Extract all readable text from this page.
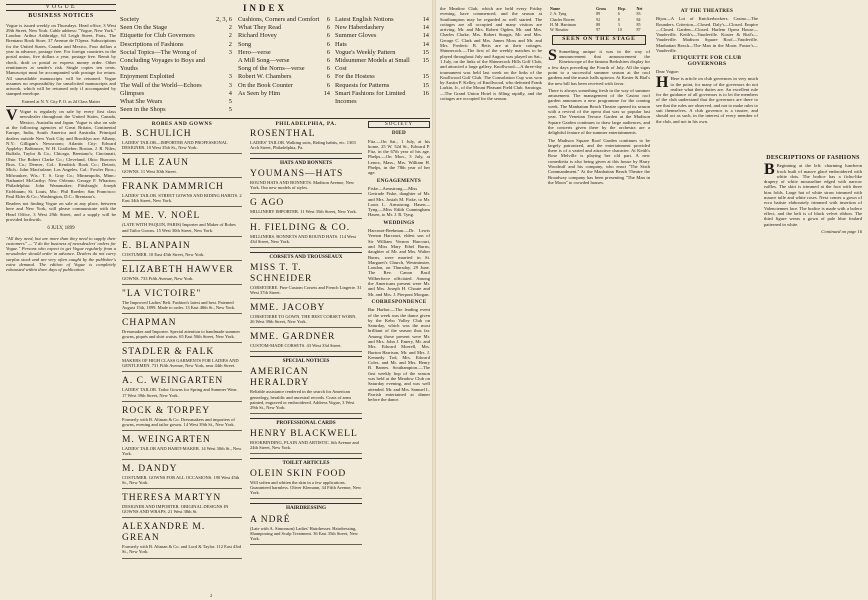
VOGUE
BUSINESS NOTICES

Vogue is issued weekly on Thursdays. Head office, 3 West 29th Street, New York. Cable address: "Vogue, New York." London: Arthur Ashbridge, 64 Leigh Street, Paris, The Brentano Book Store, 37 Avenue de l'Opera. Subscriptions for the United States, Canada and Mexico, Four dollars a year in advance, postage free. For foreign countries in the postal union, five dollars a year, postage free. Remit by check, draft or postal or express money order. Other remittances at sender's risk. Single copies ten cents. Manuscript must be accompanied with postage for return. All unavailable manuscripts will be returned. Vogue assumes no responsibility for unsolicited manuscripts and artwork, which will be returned only if accompanied by stamped envelope.

Entered at N. Y. City P. O. as 2d Class Matter

V Vogue is regularly on sale by every first class newsdealer throughout the United States, Canada, Mexico, Australia and Japan. Vogue is also on sale at the following agencies of Great Britain, Continental Europe, India, South America and Australia. Principal dealers outside New York City and Brooklyn are: Albany, N.Y.: Gilligan's Newsroom; Atlantic City: Edward Appleby; Baltimore, W. H. Gottlieber; Boston, J. R. Niles; Buffalo, Taylor & Co.; Chicago, Brentano's; Cincinnati, Ohio: The Robert Clarke Co.; Cleveland, Ohio: Burrows Bros. Co.; Denver, Col.: Kendrick Book Co.; Detroit, Mich.: John Macfarlane; Los Angeles, Cal.: Fowler Bros.; Milwaukee, Wis.: T. S. Gray Co.; Minneapolis, Minn.: Nathaniel McCarthy; New Orleans: George F. Wharton; Philadelphia: John Wanamaker; Pittsburgh: Joseph Eichbaum; St. Louis, Mo.: Phil Roeder; San Francisco: Paul Elder & Co.; Washington, D.C.: Brentano's.

Readers not finding Vogue on sale at any place, between here and New York, will please communicate with the Head Office, 3 West 29th Street, and a supply will be provided forthwith.

6 JULY, 1899

"All they need, but are more than they need to supply their customers" — "I do the business of newsdealers' orders for Vogue." Persons who expect to get Vogue regularly from a newsdealer should order in advance. Dealers do not carry surplus stock and are very often caught by the publisher's extra demand. The edition of Vogue is completely exhausted within three days of publication.

INDEX
Society	2, 3, 6
Seen On the Stage	2
Etiquette for Club Governors	2
Descriptions of Fashions	2
Social Topics—The Wrong of Concluding Voyages to Boys and Youths
3
Enjoyment Exploited	3
The Wall of the World—Echoes	3
Glimpses	4
What She Wears	5
Seen in the Shops	5
Cushions, Corners and Comfort 6
What They Read	6
Richard Hovey	6
Song	6
Hero—verse	6
A Mill Song—verse	6
Song of the Norns—verse	6
Robert W. Chambers	6
On the Book Counter	6
As Seen by Him	14
Latest English Notions	14
New Haberdashery	14
Summer Gloves	14
Hats	14
Vogue's Weekly Pattern	15
Midsummer Models at Small Cost
15
For the Hostess	15
Requests for Patterns	15
Smart Fashions for Limited Incomes
16
ROBES AND GOWNS
B. SCHULICH
LADIES' TAILOR—IMPORTER AND PROFESSIONAL DESIGNER. 10 West 35th St., New York.
M LLE ZAUN
GOWNS. 11 West 30th Street.
FRANK DAMMRICH
LADIES' TAILOR. STREET GOWNS AND RIDING HABITS. 2 East 34th Street, New York.
M ME. V. NOËL
(LATE WITH PAQUIN, PARIS) Importer and Maker of Robes and Tailor Gowns. 15 West 30th Street, New York.
E. BLANPAIN
COSTUMER. 10 East 45th Street, New York.
ELIZABETH HAWVER
GOWNS. 733 Fifth Avenue, New York.
"LA VICTOIRE"
The Improved Ladies' Belt. Fashion's latest and best. Patented August 15th, 1899. Made to order. 13 East 48th St., New York.
CHAPMAN
Dressmaker and Importer. Special attention to handmade summer gowns, piqués and shirt waists. 65 East 50th Street, New York.
STADLER & FALK
MAKERS OF HIGH CLASS GARMENTS FOR LADIES AND GENTLEMEN. 731 Fifth Avenue, New York, near 44th Street.
A. C. WEINGARTEN
LADIES' TAILOR. Tailor Gowns for Spring and Summer Wear. 17 West 39th Street, New York.
ROCK & TORPEY
Formerly with B. Altman & Co. Dressmakers and importers of gowns, evening and tailor gowns. 14 West 39th St., New York.
M. WEINGARTEN
LADIES' TAILOR AND HABIT-MAKER. 14 West 30th St., New York.
M. DANDY
COSTUMER. GOWNS FOR ALL OCCASIONS. 190 West 45th St., New York.
THERESA MARTYN
DESIGNER AND IMPORTER. ORIGINAL DESIGNS IN GOWNS AND WRAPS. 21 West 38th St.
ALEXANDRE M. GREAN
Formerly with B. Altman & Co. and Lord & Taylor. 112 East 43rd St., New York.
PHILADELPHIA, PA.
ROSENTHAL
LADIES' TAILOR. Walking suits, Riding habits, etc. 1303 Arch Street, Philadelphia, Pa.
HATS AND BONNETS
YOUMANS—HATS
ROUND HATS AND BONNETS. Madison Avenue, New York. Our new models of styles.
G AGO
MILLINERY IMPORTER. 11 West 35th Street, New York.
H. FIELDING & CO.
MILLINERS. BONNETS AND ROUND HATS. 114 West 43d Street, New York.
CORSETS AND TROUSSEAUX
MISS T. T. SCHNEIDER
CORSETIERE. Fine Custom Corsets and French Lingerie. 31 West 37th Street.
MME. JACOBY
CORSETIERE TO GOWN. THE BEST CORSET WORN. 26 West 39th Street, New York.
MME. GARDNER
CUSTOM-MADE CORSETS. 43 West 33d Street.
SPECIAL NOTICES
AMERICAN HERALDRY
Reliable assistance rendered in the search for American genealogy, heraldic and ancestral records. Coats of arms painted, engraved or embroidered. Address Vogue, 3 West 29th St., New York.
PROFESSIONAL CARDS
HENRY BLACKWELL
BOOKBINDING, PLAIN AND ARTISTIC. 6th Avenue and 24th Street, New York.
TOILET ARTICLES
OLEIN SKIN FOOD
Will soften and whiten the skin in a few applications. Guaranteed harmless. Oliver Klemann, 34 Fifth Avenue, New York.
HAIRDRESSING
A NDRÉ
(Late with A. Simonson) Ladies' Hairdresser. Hairdressing, Shampooing and Scalp Treatment. 36 East 35th Street, New York.
SOCIETY
DIED

Fitz.—On Sat., 1 July, at his home, 25 W. 52d St., Edward P. Fitz, in the 67th year of his age. Phelps.—On Mon., 3 July, at Lenox, Mass., Mrs. William H. Phelps, in the 78th year of her age.

ENGAGEMENTS

Fiske—Armstrong.—Miss Gertrude Fiske, daughter of Mr. and Mrs. Josiah M. Fiske, to Mr. Louis L. Armstrong. Hasen—Tyng.—Miss Edith Cunningham Hasen, to Mr. J. R. Tyng.

WEDDINGS

Harcourt-Beekman.—Dr. Lewis Vernon Harcourt, eldest son of Sir William Vernon Harcourt, and Miss Mary Ethel Burns, daughter of Mr. and Mrs. Walter Burns, were married in St. Margaret's Church, Westminster, London, on Thursday, 29 June. The Rev. Canon Basil Wilberforce officiated. Among the Americans present were Mr. and Mrs. Joseph H. Choate and Mr. and Mrs. J. Pierpont Morgan.

CORRESPONDENCE

Bar Harbor.—The leading event of the week was the dance given by the Kebo Valley Club on Saturday, which was the most brilliant of the season thus far. Among those present were Mr. and Mrs. John J. Emery, Mr. and Mrs. Edward Morrell, Mrs. Burton Harrison, Mr. and Mrs. J. Kennedy Tod, Mrs. Edward Coles, and Mr. and Mrs. Henry B. Barnes. Southampton.—The first weekly hop of the season was held at the Meadow Club on Saturday evening, and was well attended. Mr. and Mrs. Samuel L. Parrish entertained at dinner before the dance.

2

the Meadow Club, which are held every Friday evening, have commenced, and the season at Southampton may be regarded as well started. The cottages are all occupied and many visitors are arriving. Mr. and Mrs. Robert Ogden, Mr. and Mrs. Charles Clarke, Mrs. Robert Sturgis, Mr. and Mrs. George C. Clark and Mrs. James Moss and Mr. and Mrs. Frederic B. Betts are at their cottages. Shinnecock.—The first of the weekly matches to be played throughout July and August was played on Sat., 1 July, on the links of the Shinnecock Hills Golf Club, and attracted a large gallery. Knollwood.—A three-day tournament was held last week on the links of the Knollwood Golf Club. The Consolation Cup was won by Austin P. Kelley, of Knollwood, who defeated Frank Larkin, Jr., of the Mount Pleasant Field Club. Saratoga.—The Grand Union Hotel is filling rapidly, and the cottages are occupied for the season.

Name	Gross	Hcp.	Net
J. A. Tyng	89	6	83
Charles Bowen	92	8	84
H. M. Harriman	88	3	85
W. Rossiter	97	10	87
SEEN ON THE STAGE

S Something unique it was in the way of announcement that announcement the Kinetoscope of the famous Berkshires display for a few days preceding the Fourth of July. All the signs point to a successful summer season at the roof gardens and the music halls uptown. At Koster & Bial's the new bill has been received with favor.

There is always something fresh in the way of summer amusement. The management of the Casino roof garden announces a new programme for the coming week. The Manhattan Beach Theatre opened its season with a revival of the opera that was so popular last year. The Venetian Terrace Garden at the Madison Square Garden continues to draw large audiences, and the concerts given there by the orchestra are a delightful feature of the summer entertainments.

The Madison Square Roof Garden continues to be largely patronized, and the entertainment provided there is of a varied and attractive character. At Keith's Rose Melville is playing her old part. A new comedietta is also being given at this house by Harry Woodruff and his company, who enact "The Sixth Commandment." At the Manhattan Beach Theatre the Broadway company has been presenting "The Man in the Moon" to crowded houses.

AT THE THEATRES

Bijou—A Lot of Knickerbockers. Casino—The Rounders. Criterion—Closed. Daly's—Closed. Empire—Closed. Garden—Closed. Harlem Opera House—Vaudeville. Keith's—Vaudeville. Koster & Bial's—Vaudeville. Madison Square Roof—Vaudeville. Manhattan Beach—The Man in the Moon. Pastor's—Vaudeville.

ETIQUETTE FOR CLUB GOVERNORS

Dear Vogue:

H Here is article on club governors in very much to the point, for many of the governors do not realize what their duties are. An excellent rule for the guidance of all governors is to let the members of the club understand that the governors are there to see that the rules are observed, and not to make rules to suit themselves. A club governor is a trustee, and should act as such, in the interest of every member of the club, and not in his own.

DESCRIPTIONS OF FASHIONS

B Beginning at the left: charming luncheon frock built of mauve glacé embroidered with white dots. The bodice has a fichu-like drapery of white mousseline edged with narrow ruffles. The skirt is trimmed at the foot with three bias folds. Large hat of white straw trimmed with mauve tulle and white roses. Next comes a gown of ecru batiste elaborately trimmed with insertion of Valenciennes lace. The bodice is made with a bolero effect, and the belt is of black velvet ribbon. The third figure wears a gown of pale blue foulard patterned in white.

Continued on page 16
